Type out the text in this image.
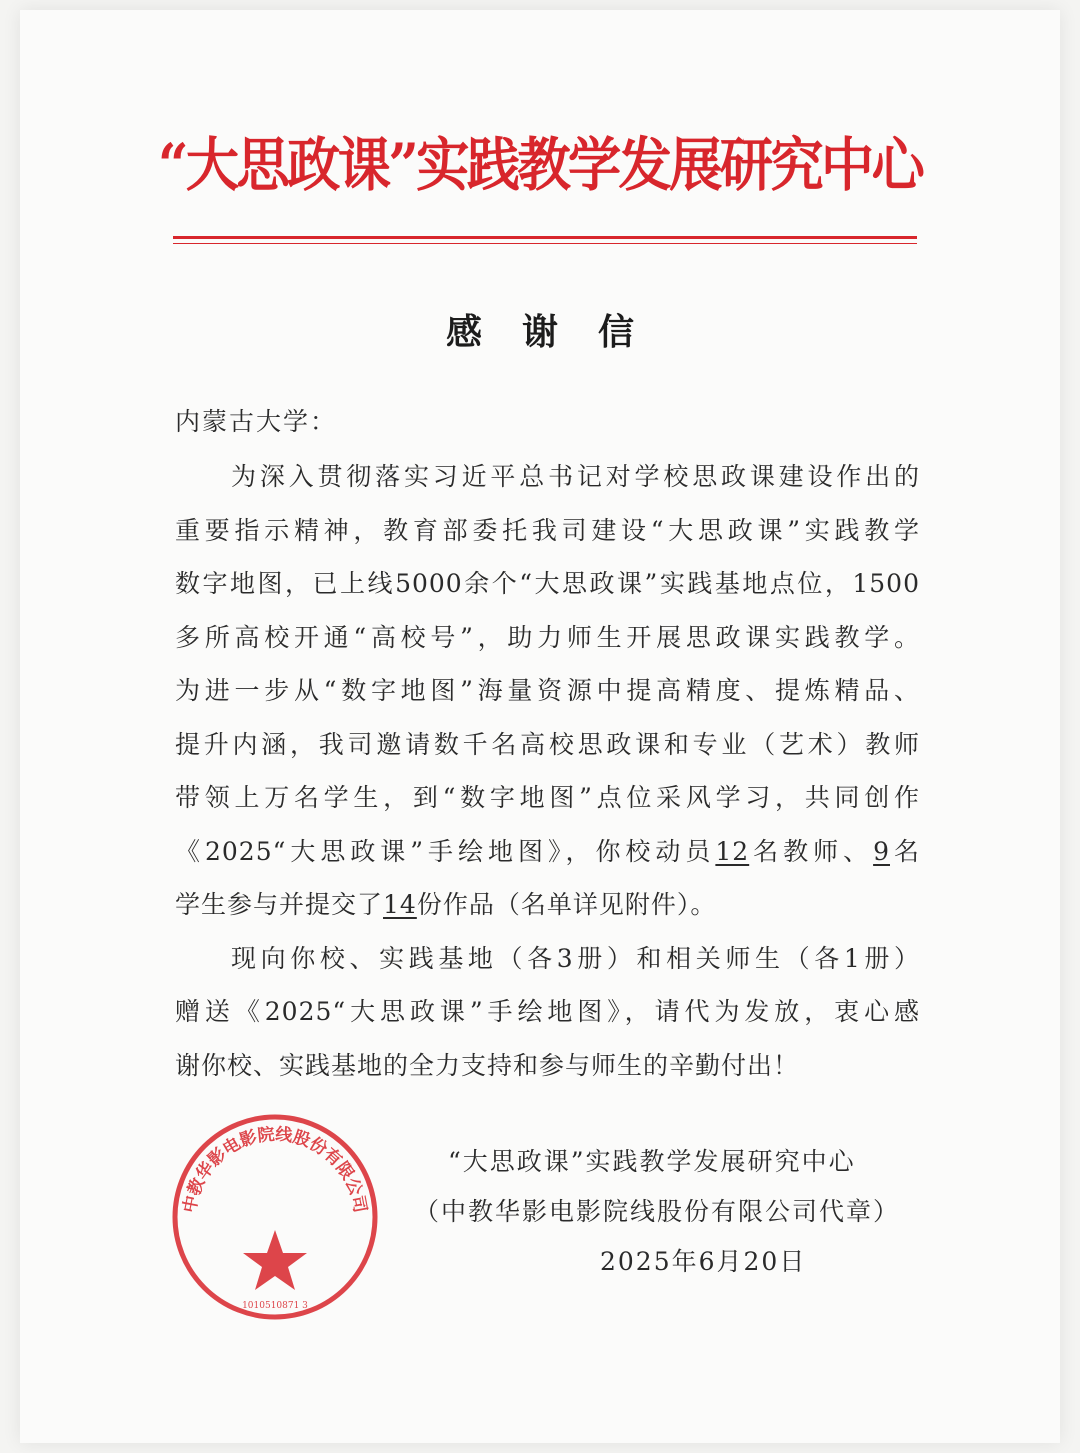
“大思政课”实践教学发展研究中心
感谢信
内蒙古大学：
为深入贯彻落实习近平总书记对学校思政课建设作出的
重要指示精神，教育部委托我司建设“大思政课”实践教学
数字地图，已上线5000余个“大思政课”实践基地点位，1500
多所高校开通“高校号”，助力师生开展思政课实践教学。
为进一步从“数字地图”海量资源中提高精度、提炼精品、
提升内涵，我司邀请数千名高校思政课和专业（艺术）教师
带领上万名学生，到“数字地图”点位采风学习，共同创作
《2025“大思政课”手绘地图》，你校动员12名教师、9名
学生参与并提交了14份作品（名单详见附件）。
现向你校、实践基地（各3册）和相关师生（各1册）
赠送《2025“大思政课”手绘地图》，请代为发放，衷心感
谢你校、实践基地的全力支持和参与师生的辛勤付出！
“大思政课”实践教学发展研究中心
（中教华影电影院线股份有限公司代章）
2025年6月20日
中教华影电影院线股份有限公司
1010510871 3
